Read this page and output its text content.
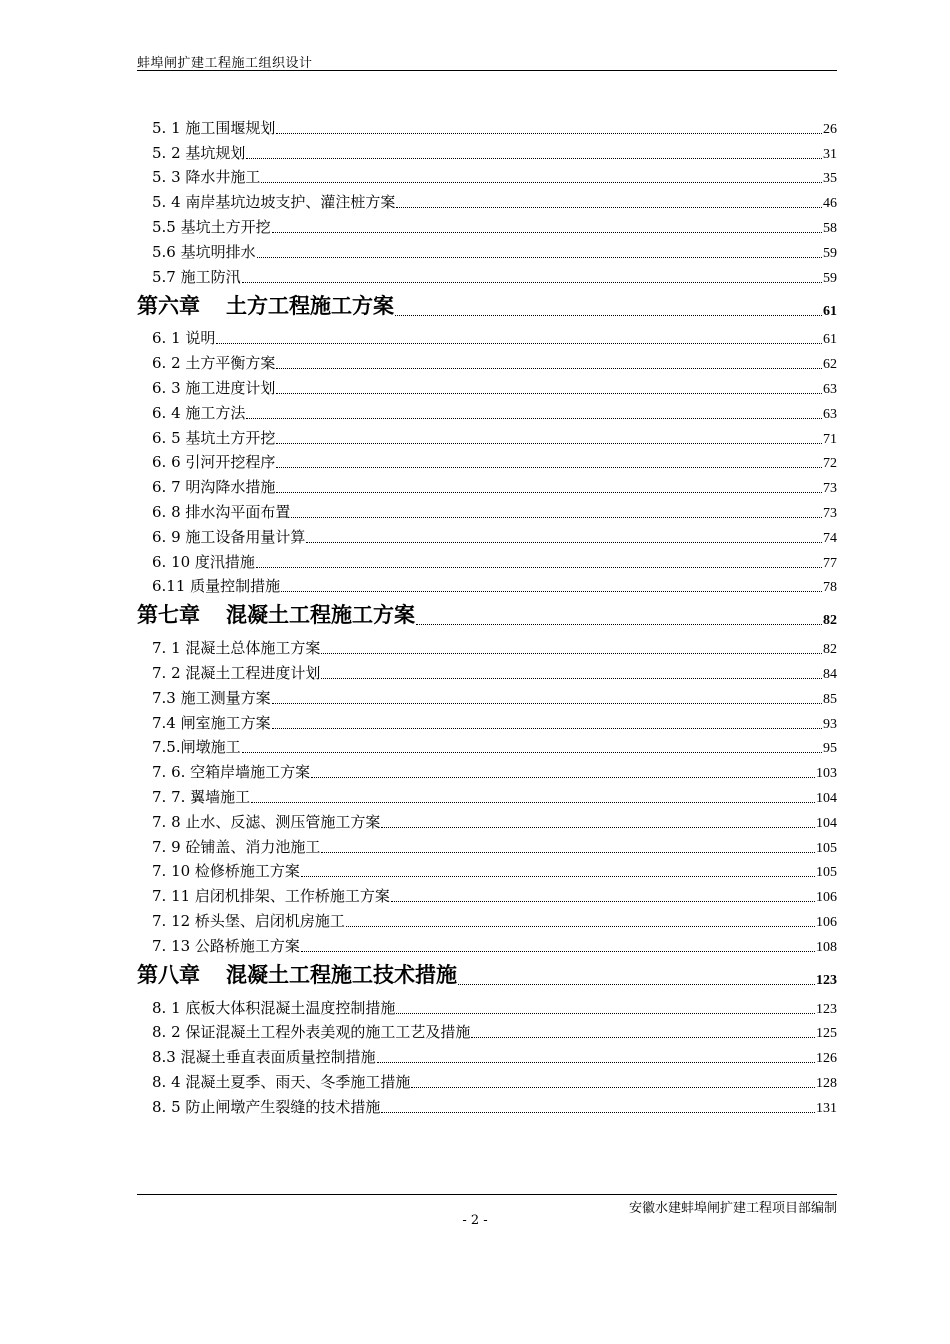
蚌埠闸扩建工程施工组织设计
5. 1 施工围堰规划	26
5. 2 基坑规划	31
5. 3 降水井施工	35
5. 4 南岸基坑边坡支护、灌注桩方案	46
5.5 基坑土方开挖	58
5.6 基坑明排水	59
5.7 施工防汛	59
第六章 土方工程施工方案	61
6. 1 说明	61
6. 2 土方平衡方案	62
6. 3 施工进度计划	63
6. 4 施工方法	63
6. 5 基坑土方开挖	71
6. 6 引河开挖程序	72
6. 7 明沟降水措施	73
6. 8 排水沟平面布置	73
6. 9 施工设备用量计算	74
6. 10 度汛措施	77
6.11 质量控制措施	78
第七章 混凝土工程施工方案	82
7. 1 混凝土总体施工方案	82
7. 2 混凝土工程进度计划	84
7.3 施工测量方案	85
7.4 闸室施工方案	93
7.5.闸墩施工	95
7. 6. 空箱岸墙施工方案	103
7. 7. 翼墙施工	104
7. 8 止水、反滤、测压管施工方案	104
7. 9 砼铺盖、消力池施工	105
7. 10 检修桥施工方案	105
7. 11 启闭机排架、工作桥施工方案	106
7. 12 桥头堡、启闭机房施工	106
7. 13 公路桥施工方案	108
第八章 混凝土工程施工技术措施	123
8. 1 底板大体积混凝土温度控制措施	123
8. 2 保证混凝土工程外表美观的施工工艺及措施	125
8.3 混凝土垂直表面质量控制措施	126
8. 4 混凝土夏季、雨天、冬季施工措施	128
8. 5 防止闸墩产生裂缝的技术措施	131
安徽水建蚌埠闸扩建工程项目部编制
- 2 -
